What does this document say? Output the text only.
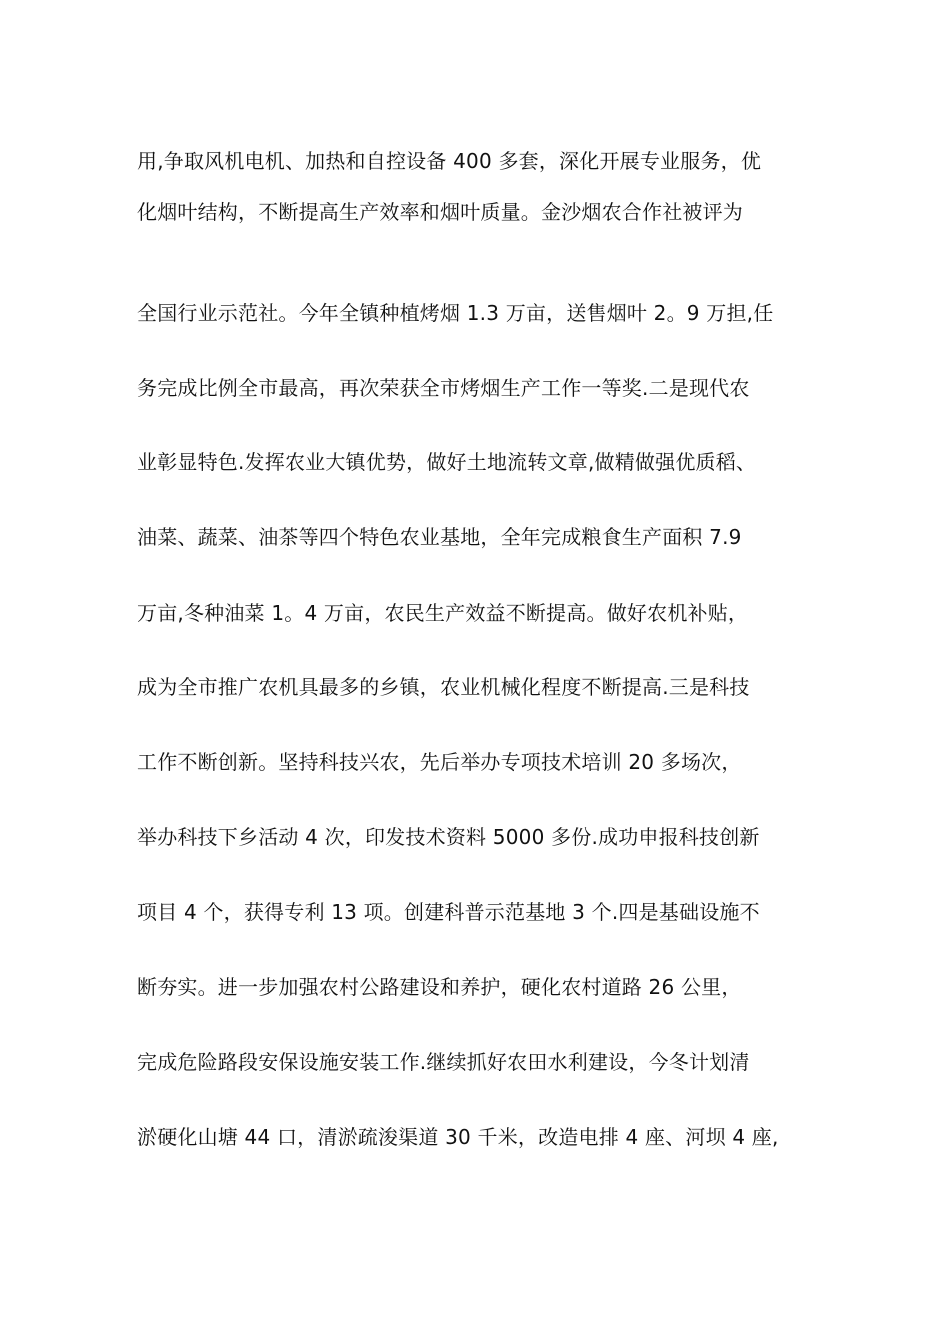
用,争取风机电机、加热和自控设备 400 多套，深化开展专业服务，优
化烟叶结构，不断提高生产效率和烟叶质量。金沙烟农合作社被评为
全国行业示范社。今年全镇种植烤烟 1.3 万亩，送售烟叶 2。9 万担,任
务完成比例全市最高，再次荣获全市烤烟生产工作一等奖.二是现代农
业彰显特色.发挥农业大镇优势，做好土地流转文章,做精做强优质稻、
油菜、蔬菜、油茶等四个特色农业基地，全年完成粮食生产面积 7.9
万亩,冬种油菜 1。4 万亩，农民生产效益不断提高。做好农机补贴，
成为全市推广农机具最多的乡镇，农业机械化程度不断提高.三是科技
工作不断创新。坚持科技兴农，先后举办专项技术培训 20 多场次，
举办科技下乡活动 4 次，印发技术资料 5000 多份.成功申报科技创新
项目 4 个，获得专利 13 项。创建科普示范基地 3 个.四是基础设施不
断夯实。进一步加强农村公路建设和养护，硬化农村道路 26 公里，
完成危险路段安保设施安装工作.继续抓好农田水利建设，今冬计划清
淤硬化山塘 44 口，清淤疏浚渠道 30 千米，改造电排 4 座、河坝 4 座,
